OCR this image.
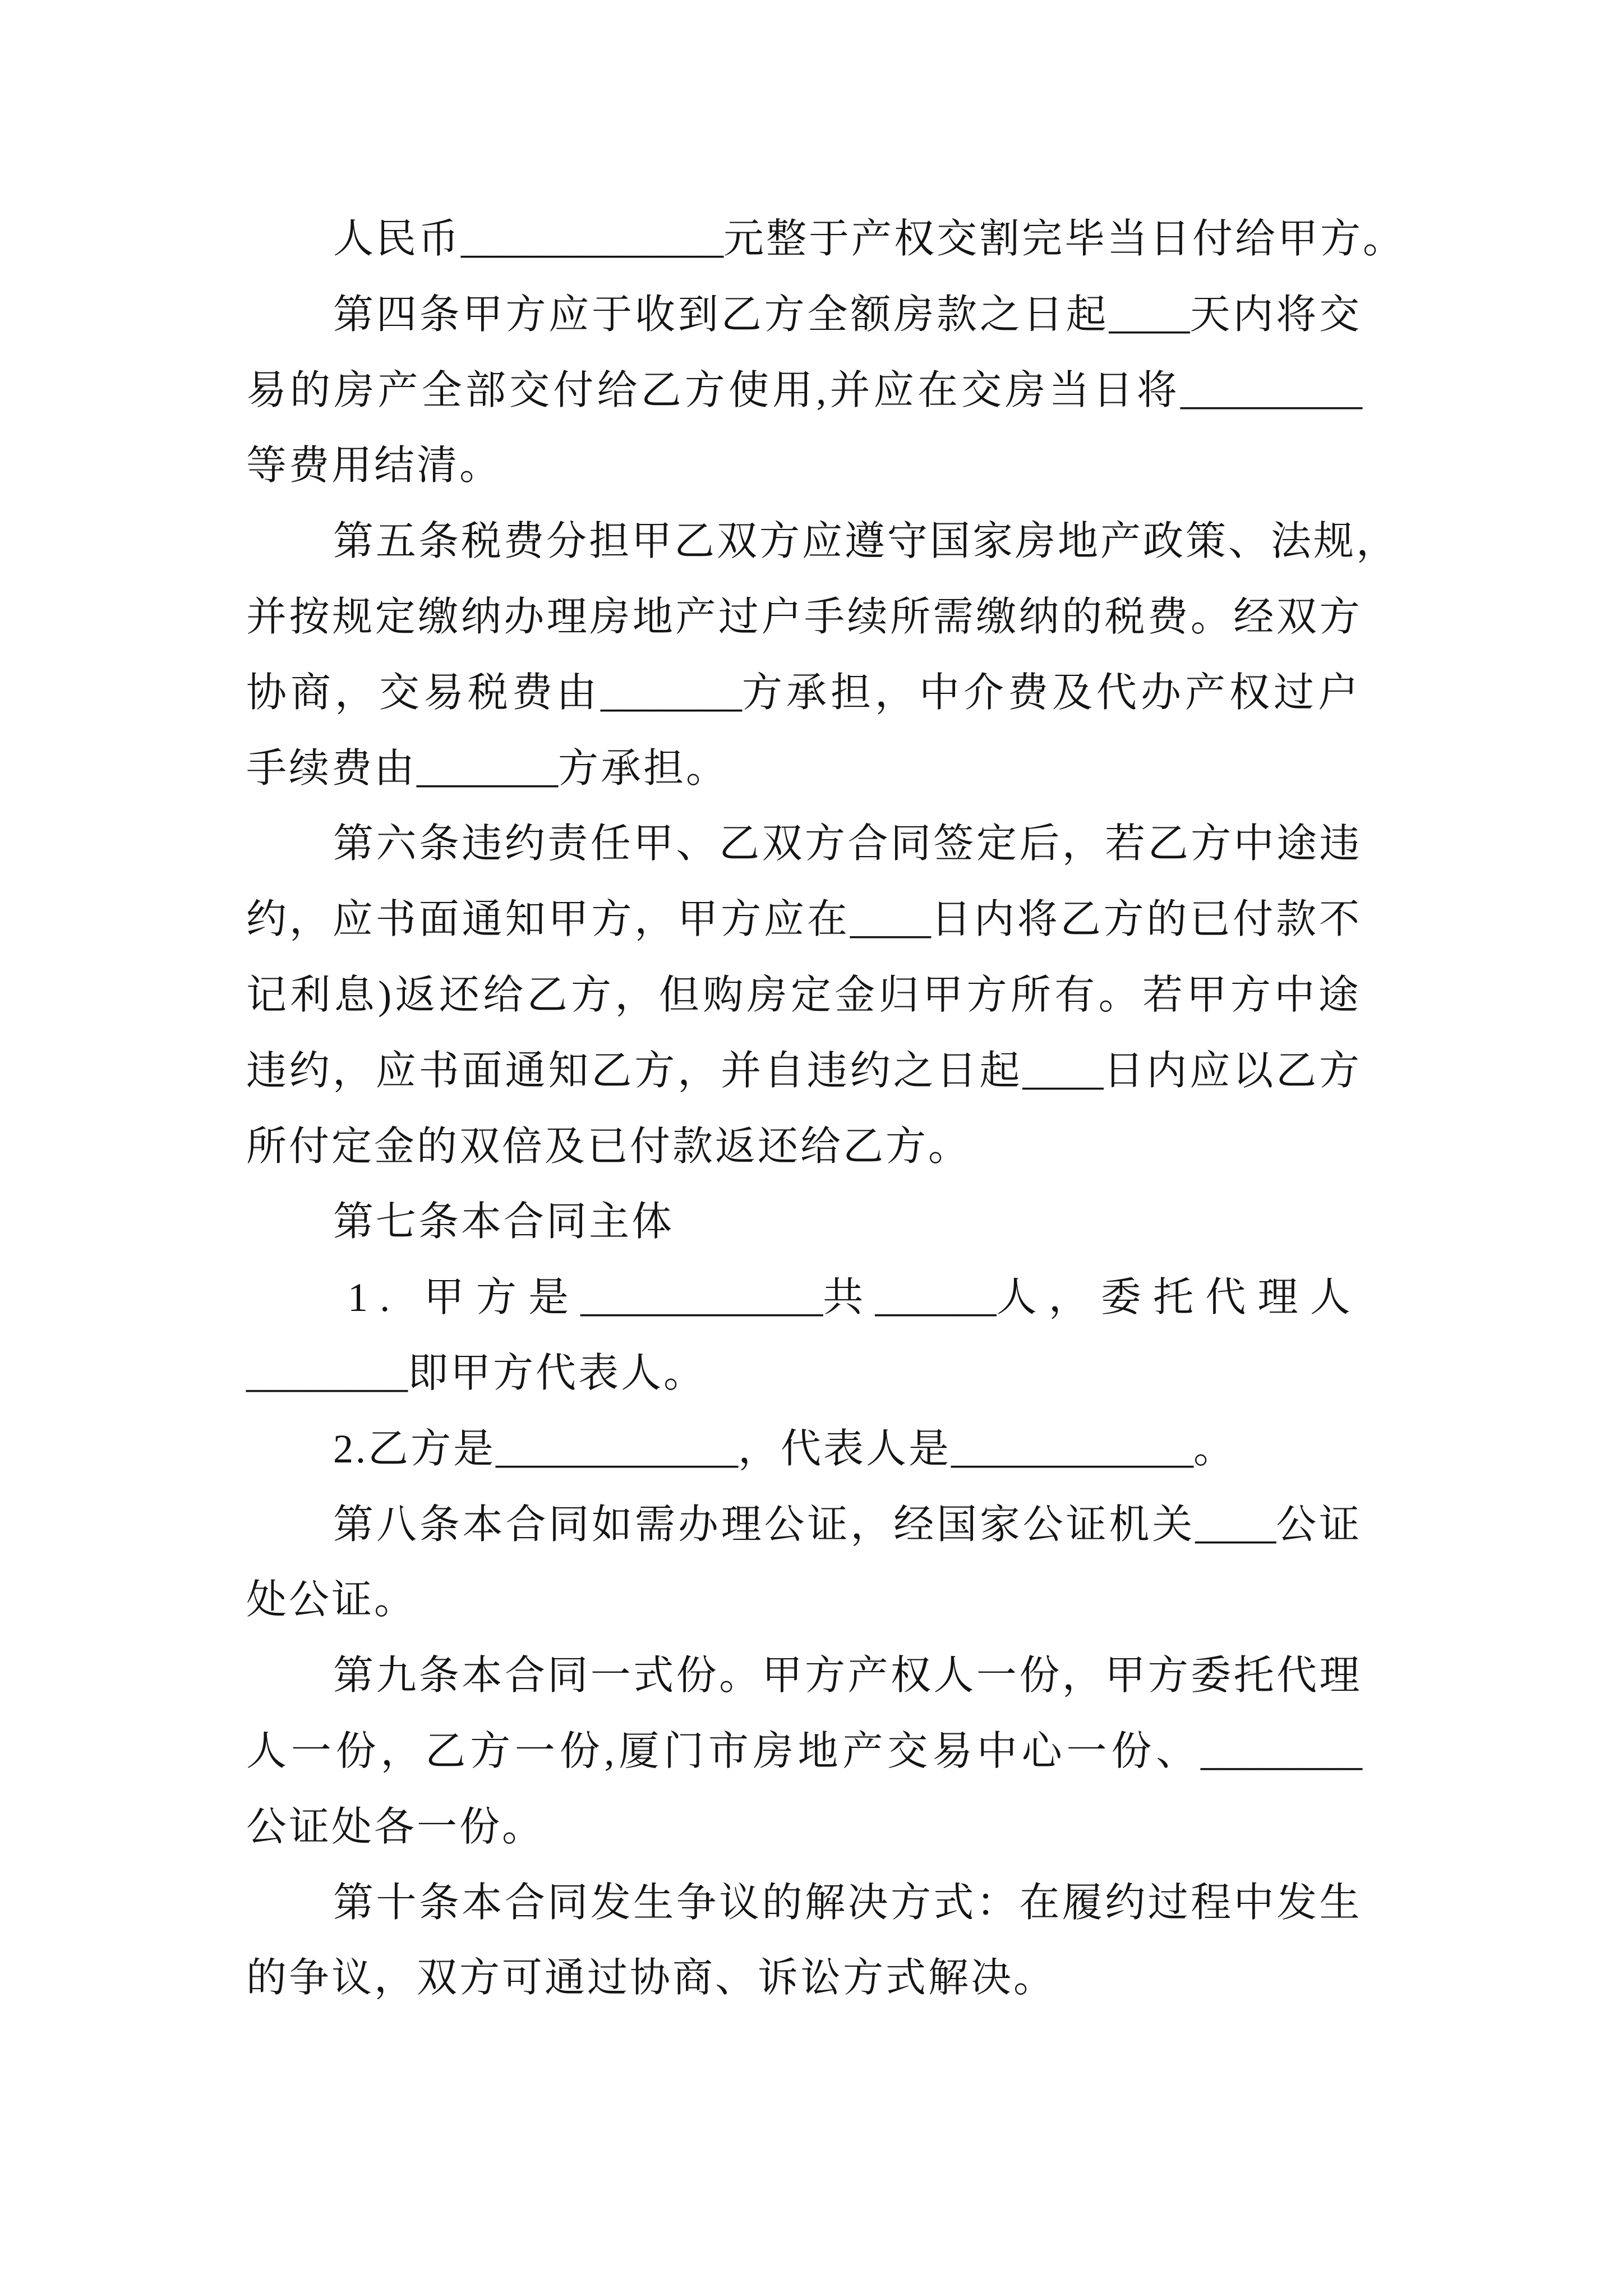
人民币_____________元整于产权交割完毕当日付给甲方。
第四条甲方应于收到乙方全额房款之日起____天内将交
易的房产全部交付给乙方使用,并应在交房当日将_________
等费用结清。
第五条税费分担甲乙双方应遵守国家房地产政策、法规，
并按规定缴纳办理房地产过户手续所需缴纳的税费。经双方
协商，交易税费由_______方承担，中介费及代办产权过户
手续费由_______方承担。
第六条违约责任甲、乙双方合同签定后，若乙方中途违
约，应书面通知甲方，甲方应在____日内将乙方的已付款不
记利息)返还给乙方，但购房定金归甲方所有。若甲方中途
违约，应书面通知乙方，并自违约之日起____日内应以乙方
所付定金的双倍及已付款返还给乙方。
第七条本合同主体
1. 甲方是____________共______人，委托代理人
________即甲方代表人。
2.乙方是____________，代表人是____________。
第八条本合同如需办理公证，经国家公证机关____公证
处公证。
第九条本合同一式份。甲方产权人一份，甲方委托代理
人一份，乙方一份,厦门市房地产交易中心一份、________
公证处各一份。
第十条本合同发生争议的解决方式：在履约过程中发生
的争议，双方可通过协商、诉讼方式解决。
